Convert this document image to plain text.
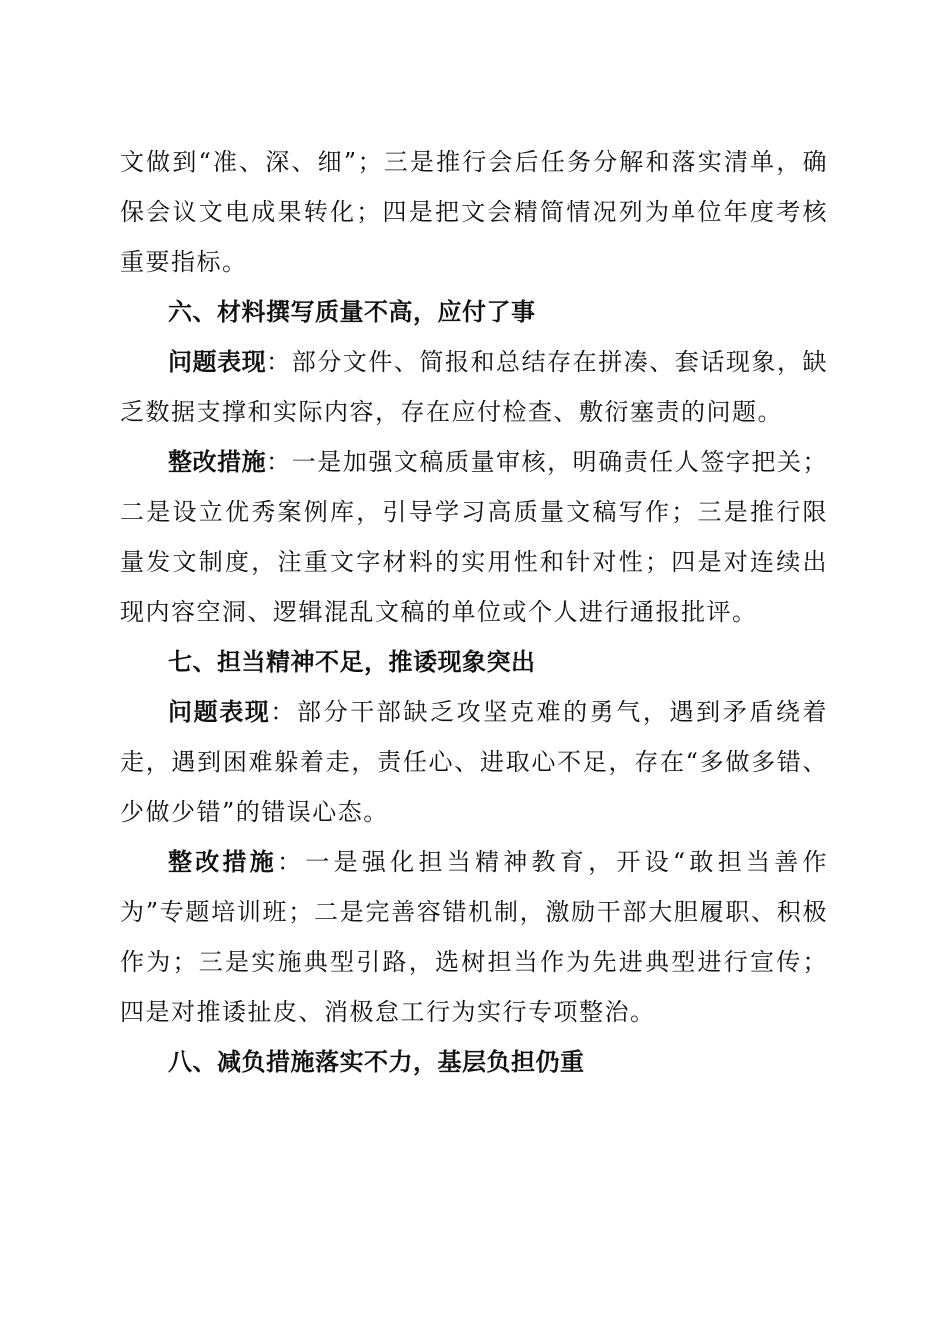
文做到“准、深、细”；三是推行会后任务分解和落实清单，确保会议文电成果转化；四是把文会精简情况列为单位年度考核重要指标。
六、材料撰写质量不高，应付了事
问题表现：部分文件、简报和总结存在拼凑、套话现象，缺乏数据支撑和实际内容，存在应付检查、敷衍塞责的问题。
整改措施：一是加强文稿质量审核，明确责任人签字把关；二是设立优秀案例库，引导学习高质量文稿写作；三是推行限量发文制度，注重文字材料的实用性和针对性；四是对连续出现内容空洞、逻辑混乱文稿的单位或个人进行通报批评。
七、担当精神不足，推诿现象突出
问题表现：部分干部缺乏攻坚克难的勇气，遇到矛盾绕着走，遇到困难躲着走，责任心、进取心不足，存在“多做多错、少做少错”的错误心态。
整改措施：一是强化担当精神教育，开设“敢担当善作为”专题培训班；二是完善容错机制，激励干部大胆履职、积极作为；三是实施典型引路，选树担当作为先进典型进行宣传；四是对推诿扯皮、消极怠工行为实行专项整治。
八、减负措施落实不力，基层负担仍重
